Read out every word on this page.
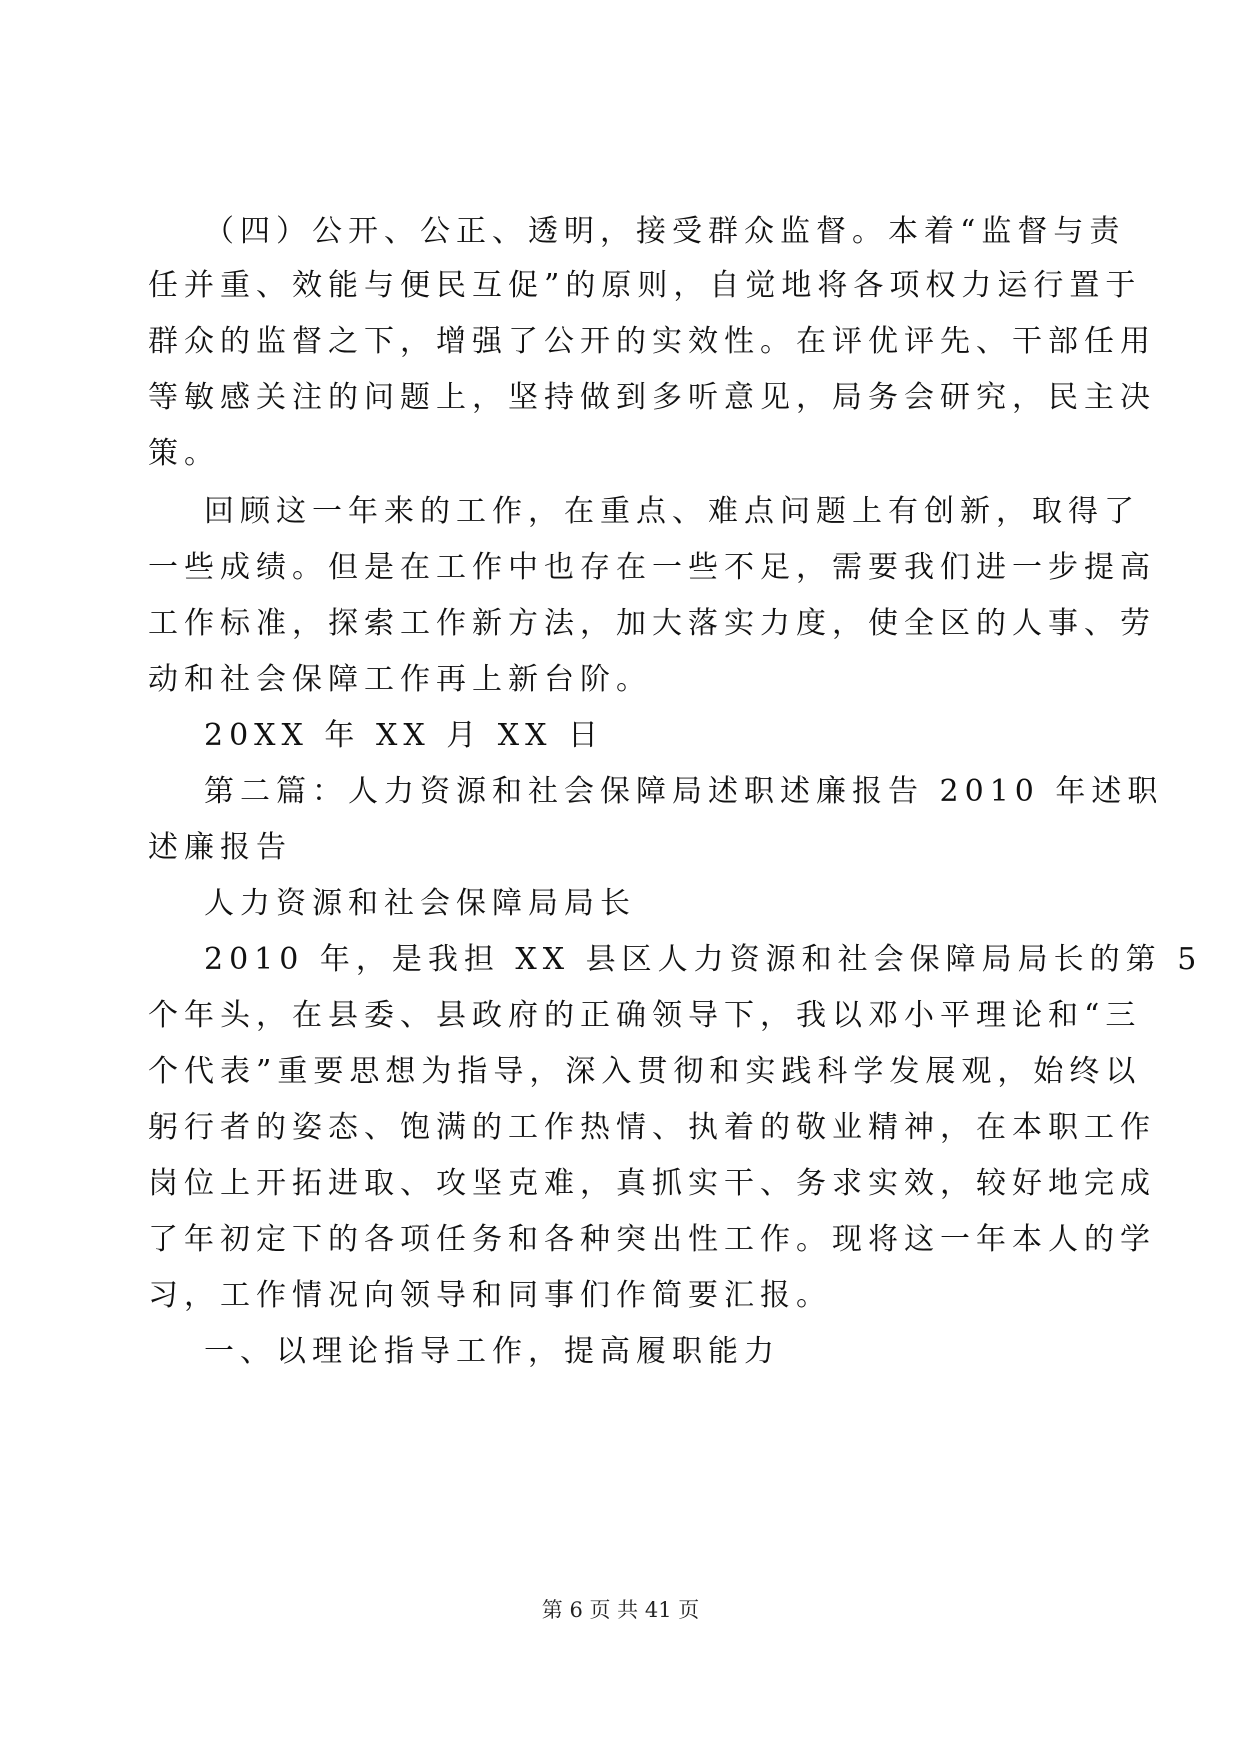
（四）公开、公正、透明，接受群众监督。本着“监督与责
任并重、效能与便民互促”的原则，自觉地将各项权力运行置于
群众的监督之下，增强了公开的实效性。在评优评先、干部任用
等敏感关注的问题上，坚持做到多听意见，局务会研究，民主决
策。
回顾这一年来的工作，在重点、难点问题上有创新，取得了
一些成绩。但是在工作中也存在一些不足，需要我们进一步提高
工作标准，探索工作新方法，加大落实力度，使全区的人事、劳
动和社会保障工作再上新台阶。
20XX 年 XX 月 XX 日
第二篇：人力资源和社会保障局述职述廉报告 2010 年述职
述廉报告
人力资源和社会保障局局长
2010 年，是我担 XX 县区人力资源和社会保障局局长的第 5
个年头，在县委、县政府的正确领导下，我以邓小平理论和“三
个代表”重要思想为指导，深入贯彻和实践科学发展观，始终以
躬行者的姿态、饱满的工作热情、执着的敬业精神，在本职工作
岗位上开拓进取、攻坚克难，真抓实干、务求实效，较好地完成
了年初定下的各项任务和各种突出性工作。现将这一年本人的学
习，工作情况向领导和同事们作简要汇报。
一、以理论指导工作，提高履职能力
第 6 页 共 41 页
